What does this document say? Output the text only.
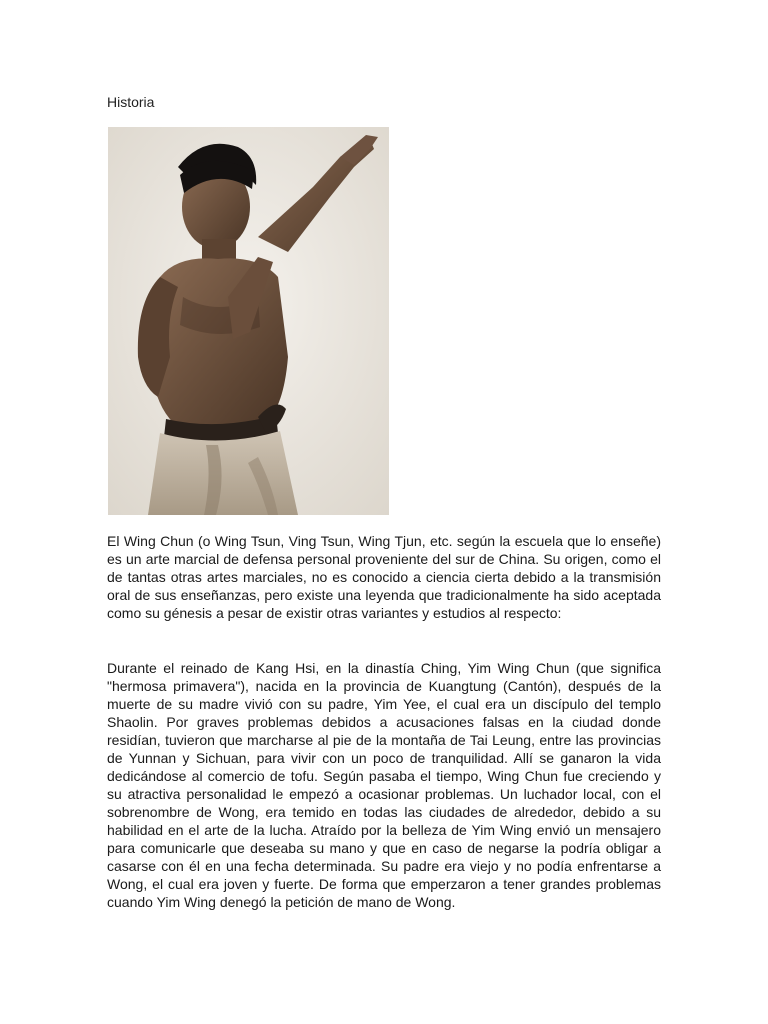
Historia

El Wing Chun (o Wing Tsun, Ving Tsun, Wing Tjun, etc. según la escuela que lo enseñe) es un arte marcial de defensa personal proveniente del sur de China. Su origen, como el de tantas otras artes marciales, no es conocido a ciencia cierta debido a la transmisión oral de sus enseñanzas, pero existe una leyenda que tradicionalmente ha sido aceptada como su génesis a pesar de existir otras variantes y estudios al respecto:

Durante el reinado de Kang Hsi, en la dinastía Ching, Yim Wing Chun (que significa "hermosa primavera"), nacida en la provincia de Kuangtung (Cantón), después de la muerte de su madre vivió con su padre, Yim Yee, el cual era un discípulo del templo Shaolin. Por graves problemas debidos a acusaciones falsas en la ciudad donde residían, tuvieron que marcharse al pie de la montaña de Tai Leung, entre las provincias de Yunnan y Sichuan, para vivir con un poco de tranquilidad. Allí se ganaron la vida dedicándose al comercio de tofu. Según pasaba el tiempo, Wing Chun fue creciendo y su atractiva personalidad le empezó a ocasionar problemas. Un luchador local, con el sobrenombre de Wong, era temido en todas las ciudades de alrededor, debido a su habilidad en el arte de la lucha. Atraído por la belleza de Yim Wing envió un mensajero para comunicarle que deseaba su mano y que en caso de negarse la podría obligar a casarse con él en una fecha determinada. Su padre era viejo y no podía enfrentarse a Wong, el cual era joven y fuerte. De forma que emperzaron a tener grandes problemas cuando Yim Wing denegó la petición de mano de Wong.
